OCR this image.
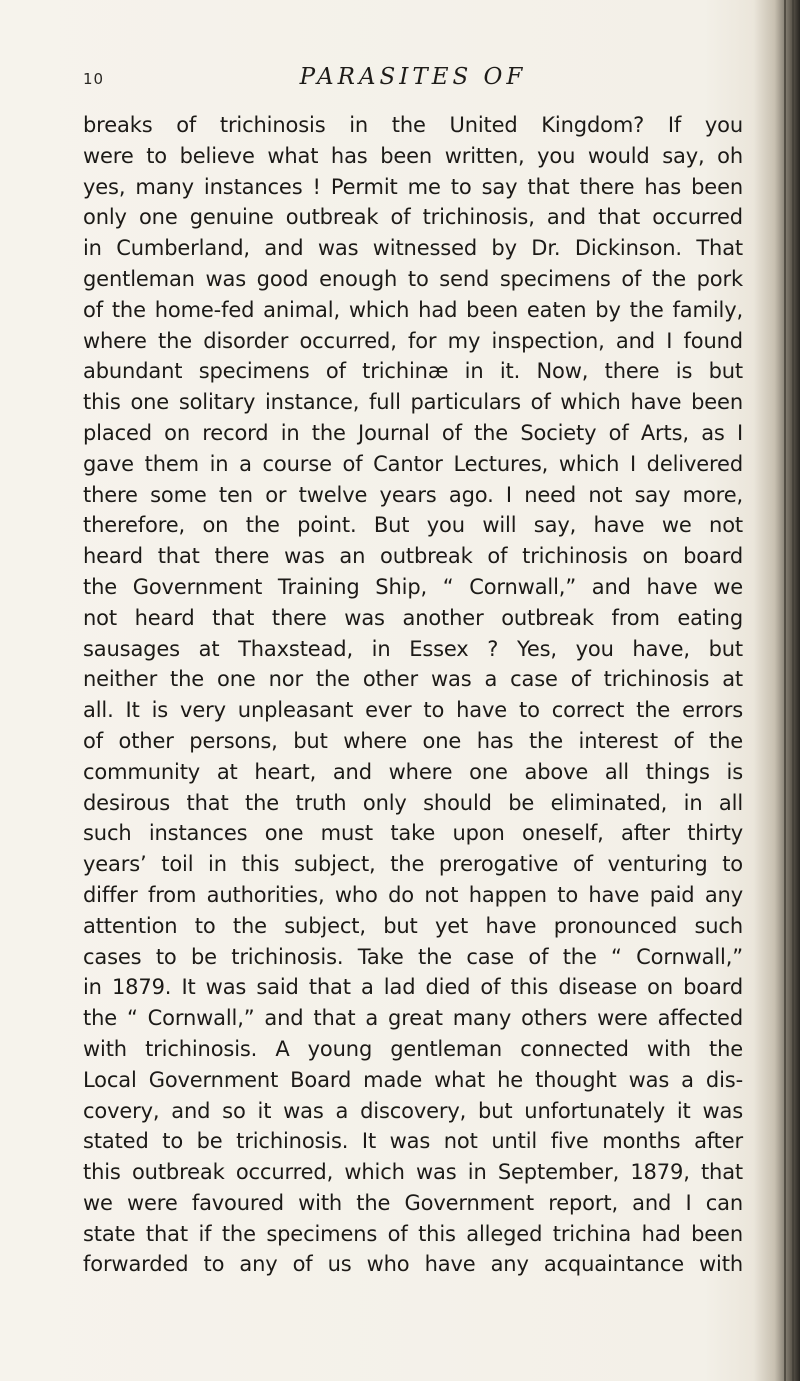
10	PARASITES OF
breaks of trichinosis in the United Kingdom? If you
were to believe what has been written, you would say, oh
yes, many instances ! Permit me to say that there has been
only one genuine outbreak of trichinosis, and that occurred
in Cumberland, and was witnessed by Dr. Dickinson. That
gentleman was good enough to send specimens of the pork
of the home-fed animal, which had been eaten by the family,
where the disorder occurred, for my inspection, and I found
abundant specimens of trichinæ in it. Now, there is but
this one solitary instance, full particulars of which have been
placed on record in the Journal of the Society of Arts, as I
gave them in a course of Cantor Lectures, which I delivered
there some ten or twelve years ago. I need not say more,
therefore, on the point. But you will say, have we not
heard that there was an outbreak of trichinosis on board
the Government Training Ship, “ Cornwall,” and have we
not heard that there was another outbreak from eating
sausages at Thaxstead, in Essex ? Yes, you have, but
neither the one nor the other was a case of trichinosis at
all. It is very unpleasant ever to have to correct the errors
of other persons, but where one has the interest of the
community at heart, and where one above all things is
desirous that the truth only should be eliminated, in all
such instances one must take upon oneself, after thirty
years’ toil in this subject, the prerogative of venturing to
differ from authorities, who do not happen to have paid any
attention to the subject, but yet have pronounced such
cases to be trichinosis. Take the case of the “ Cornwall,”
in 1879. It was said that a lad died of this disease on board
the “ Cornwall,” and that a great many others were affected
with trichinosis. A young gentleman connected with the
Local Government Board made what he thought was a dis-
covery, and so it was a discovery, but unfortunately it was
stated to be trichinosis. It was not until five months after
this outbreak occurred, which was in September, 1879, that
we were favoured with the Government report, and I can
state that if the specimens of this alleged trichina had been
forwarded to any of us who have any acquaintance with
